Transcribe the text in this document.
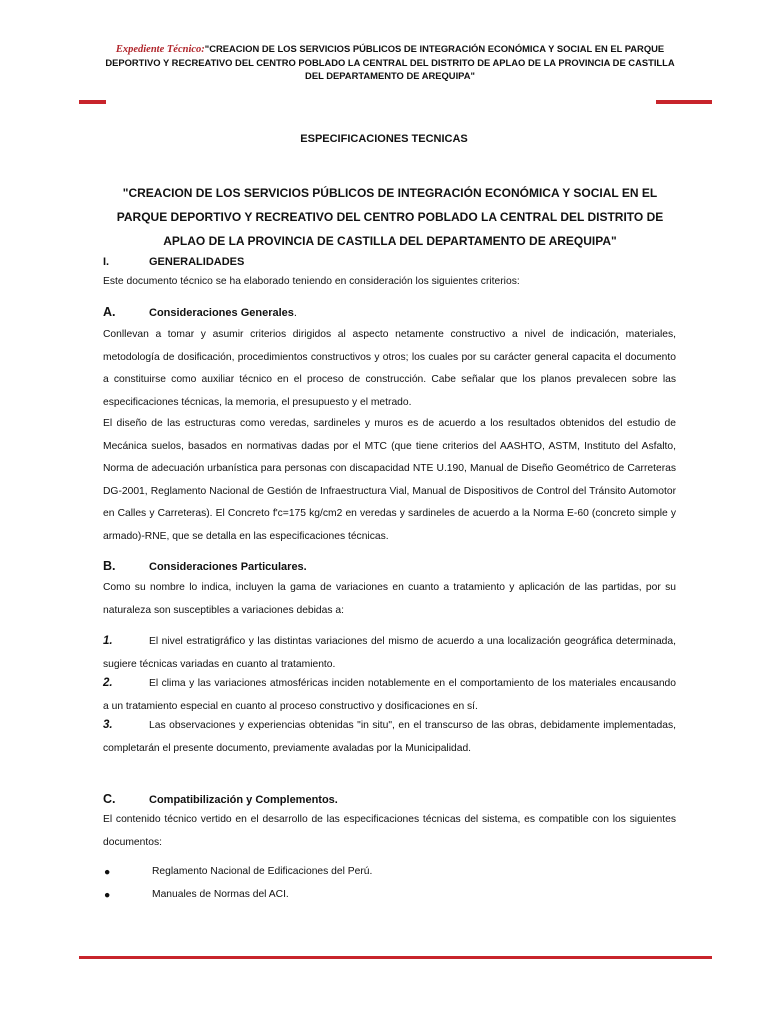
Expediente Técnico:"CREACION DE LOS SERVICIOS PÚBLICOS DE INTEGRACIÓN ECONÓMICA Y SOCIAL EN EL PARQUE DEPORTIVO Y RECREATIVO DEL CENTRO POBLADO LA CENTRAL DEL DISTRITO DE APLAO DE LA PROVINCIA DE CASTILLA DEL DEPARTAMENTO DE AREQUIPA"
ESPECIFICACIONES TECNICAS
"CREACION DE LOS SERVICIOS PÚBLICOS DE INTEGRACIÓN ECONÓMICA Y SOCIAL EN EL PARQUE DEPORTIVO Y RECREATIVO DEL CENTRO POBLADO LA CENTRAL DEL DISTRITO DE APLAO DE LA PROVINCIA DE CASTILLA DEL DEPARTAMENTO DE AREQUIPA"
I.	GENERALIDADES
Este documento técnico se ha elaborado teniendo en consideración los siguientes criterios:
A.	Consideraciones Generales.
Conllevan a tomar y asumir criterios dirigidos al aspecto netamente constructivo a nivel de indicación, materiales, metodología de dosificación, procedimientos constructivos y otros; los cuales por su carácter general capacita el documento a constituirse como auxiliar técnico en el proceso de construcción. Cabe señalar que los planos prevalecen sobre las especificaciones técnicas, la memoria, el presupuesto y el metrado.
El diseño de las estructuras como veredas, sardineles y muros es de acuerdo a los resultados obtenidos del estudio de Mecánica suelos, basados en normativas dadas por el MTC (que tiene criterios del AASHTO, ASTM, Instituto del Asfalto, Norma de adecuación urbanística para personas con discapacidad NTE U.190, Manual de Diseño Geométrico de Carreteras DG-2001, Reglamento Nacional de Gestión de Infraestructura Vial, Manual de Dispositivos de Control del Tránsito Automotor en Calles y Carreteras). El Concreto f'c=175 kg/cm2 en veredas y sardineles de acuerdo a la Norma E-60 (concreto simple y armado)-RNE, que se detalla en las especificaciones técnicas.
B.	Consideraciones Particulares.
Como su nombre lo indica, incluyen la gama de variaciones en cuanto a tratamiento y aplicación de las partidas, por su naturaleza son susceptibles a variaciones debidas a:
1.	El nivel estratigráfico y las distintas variaciones del mismo de acuerdo a una localización geográfica determinada, sugiere técnicas variadas en cuanto al tratamiento.
2.	El clima y las variaciones atmosféricas inciden notablemente en el comportamiento de los materiales encausando a un tratamiento especial en cuanto al proceso constructivo y dosificaciones en sí.
3.	Las observaciones y experiencias obtenidas "in situ", en el transcurso de las obras, debidamente implementadas, completarán el presente documento, previamente avaladas por la Municipalidad.
C.	Compatibilización y Complementos.
El contenido técnico vertido en el desarrollo de las especificaciones técnicas del sistema, es compatible con los siguientes documentos:
●	Reglamento Nacional de Edificaciones del Perú.
●	Manuales de Normas del ACI.
